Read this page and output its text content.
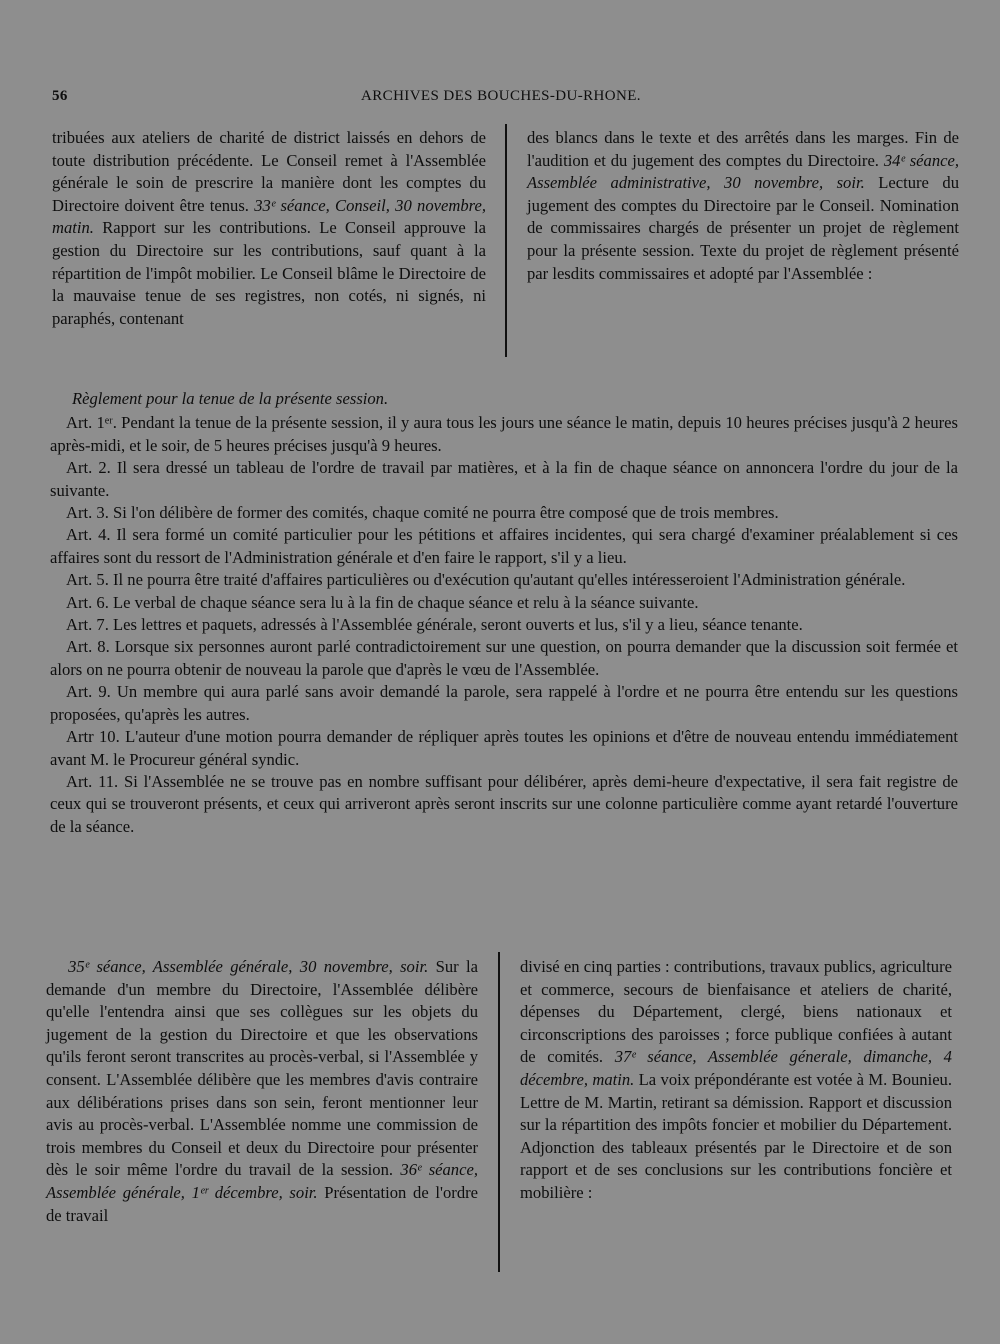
56	ARCHIVES DES BOUCHES-DU-RHONE.

tribuées aux ateliers de charité de district laissés en dehors de toute distribution précédente. Le Conseil remet à l'Assemblée générale le soin de prescrire la manière dont les comptes du Directoire doivent être tenus. 33ᵉ séance, Conseil, 30 novembre, matin. Rapport sur les contributions. Le Conseil approuve la gestion du Directoire sur les contributions, sauf quant à la répartition de l'impôt mobilier. Le Conseil blâme le Directoire de la mauvaise tenue de ses registres, non cotés, ni signés, ni paraphés, contenant

des blancs dans le texte et des arrêtés dans les marges. Fin de l'audition et du jugement des comptes du Directoire. 34ᵉ séance, Assemblée administrative, 30 novembre, soir. Lecture du jugement des comptes du Directoire par le Conseil. Nomination de commissaires chargés de présenter un projet de règlement pour la présente session. Texte du projet de règlement présenté par lesdits commissaires et adopté par l'Assemblée :

Règlement pour la tenue de la présente session.

Art. 1ᵉʳ. Pendant la tenue de la présente session, il y aura tous les jours une séance le matin, depuis 10 heures précises jusqu'à 2 heures après-midi, et le soir, de 5 heures précises jusqu'à 9 heures.

Art. 2. Il sera dressé un tableau de l'ordre de travail par matières, et à la fin de chaque séance on annoncera l'ordre du jour de la suivante.

Art. 3. Si l'on délibère de former des comités, chaque comité ne pourra être composé que de trois membres.

Art. 4. Il sera formé un comité particulier pour les pétitions et affaires incidentes, qui sera chargé d'examiner préalablement si ces affaires sont du ressort de l'Administration générale et d'en faire le rapport, s'il y a lieu.

Art. 5. Il ne pourra être traité d'affaires particulières ou d'exécution qu'autant qu'elles intéresseroient l'Administration générale.

Art. 6. Le verbal de chaque séance sera lu à la fin de chaque séance et relu à la séance suivante.

Art. 7. Les lettres et paquets, adressés à l'Assemblée générale, seront ouverts et lus, s'il y a lieu, séance tenante.

Art. 8. Lorsque six personnes auront parlé contradictoirement sur une question, on pourra demander que la discussion soit fermée et alors on ne pourra obtenir de nouveau la parole que d'après le vœu de l'Assemblée.

Art. 9. Un membre qui aura parlé sans avoir demandé la parole, sera rappelé à l'ordre et ne pourra être entendu sur les questions proposées, qu'après les autres.

Artr 10. L'auteur d'une motion pourra demander de répliquer après toutes les opinions et d'être de nouveau entendu immédiatement avant M. le Procureur général syndic.

Art. 11. Si l'Assemblée ne se trouve pas en nombre suffisant pour délibérer, après demi-heure d'expectative, il sera fait registre de ceux qui se trouveront présents, et ceux qui arriveront après seront inscrits sur une colonne particulière comme ayant retardé l'ouverture de la séance.

35ᵉ séance, Assemblée générale, 30 novembre, soir. Sur la demande d'un membre du Directoire, l'Assemblée délibère qu'elle l'entendra ainsi que ses collègues sur les objets du jugement de la gestion du Directoire et que les observations qu'ils feront seront transcrites au procès-verbal, si l'Assemblée y consent. L'Assemblée délibère que les membres d'avis contraire aux délibérations prises dans son sein, feront mentionner leur avis au procès-verbal. L'Assemblée nomme une commission de trois membres du Conseil et deux du Directoire pour présenter dès le soir même l'ordre du travail de la session. 36ᵉ séance, Assemblée générale, 1ᵉʳ décembre, soir. Présentation de l'ordre de travail

divisé en cinq parties : contributions, travaux publics, agriculture et commerce, secours de bienfaisance et ateliers de charité, dépenses du Département, clergé, biens nationaux et circonscriptions des paroisses ; force publique confiées à autant de comités. 37ᵉ séance, Assemblée génerale, dimanche, 4 décembre, matin. La voix prépondérante est votée à M. Bounieu. Lettre de M. Martin, retirant sa démission. Rapport et discussion sur la répartition des impôts foncier et mobilier du Département. Adjonction des tableaux présentés par le Directoire et de son rapport et de ses conclusions sur les contributions foncière et mobilière :
